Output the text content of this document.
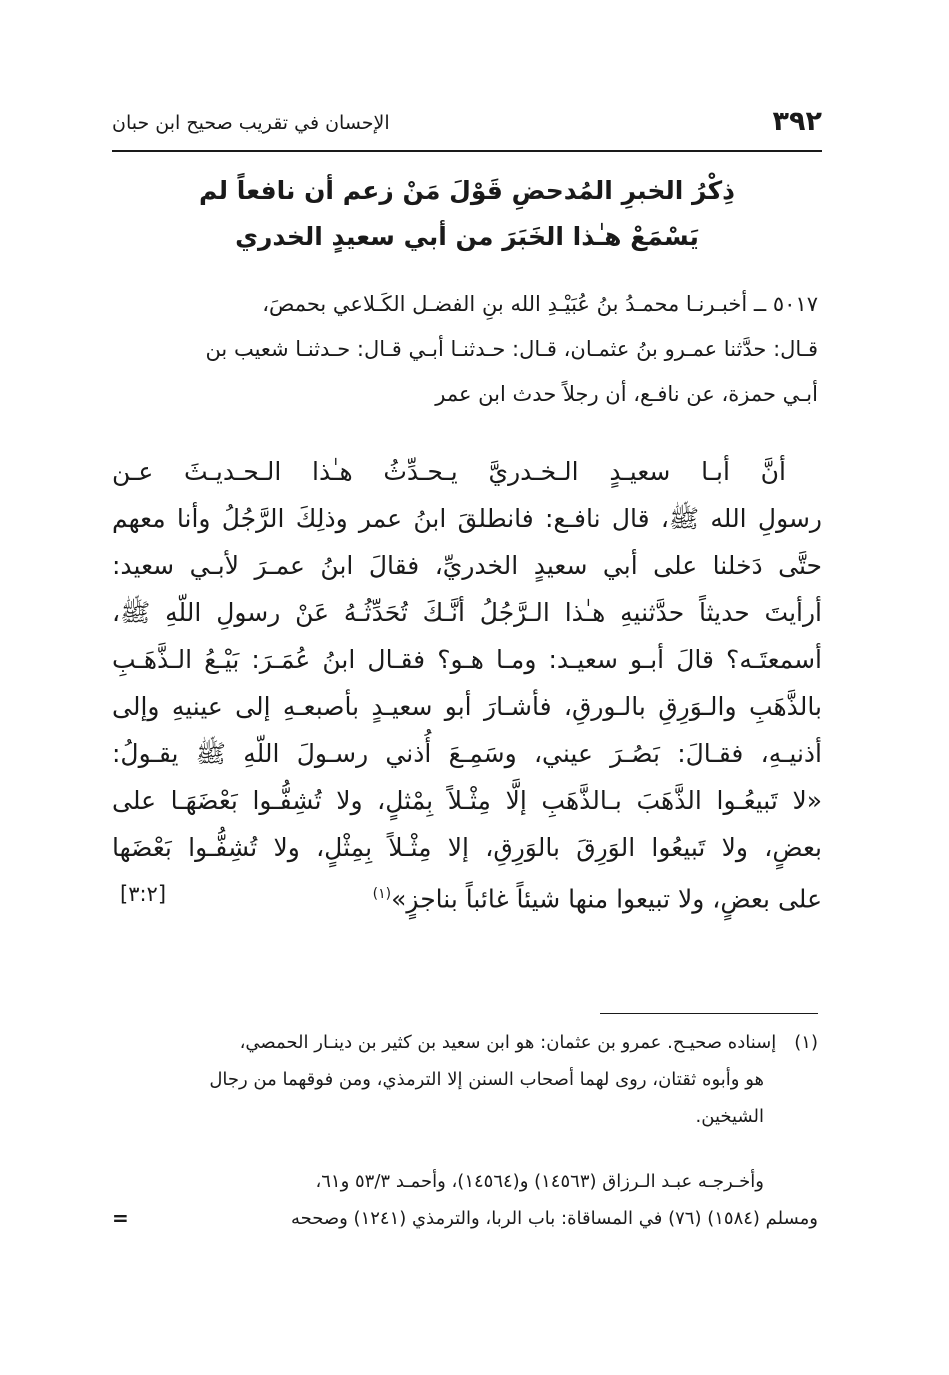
٣٩٢
الإحسان في تقريب صحيح ابن حبان
ذِكْرُ الخبرِ المُدحضِ قَوْلَ مَنْ زعم أن نافعاً لم
يَسْمَعْ هـٰذا الخَبَرَ من أبي سعيدٍ الخدري
٥٠١٧ ــ أخبـرنـا محمـدُ بنُ عُبَيْـدِ الله بنِ الفضـل الكَـلاعي بحمصَ،
قـال: حدَّثنا عمـرو بنُ عثمـان، قـال: حـدثنـا أبـي قـال: حـدثنـا شعيب بن
أبـي حمزة، عن نافـع، أن رجلاً حدث ابن عمر
أنَّ أبـا سعيـدٍ الـخـدريَّ يـحـدِّثُ هـٰذا الـحـديـثَ عـن
رسولِ الله ﷺ، قال نافـع: فانطلقَ ابنُ عمر وذلِكَ الرَّجُلُ وأنا معهم
حتَّى دَخلنا على أبي سعيدٍ الخدريِّ، فقالَ ابنُ عمـرَ لأبـي سعيد:
أرأيتَ حديثاً حدَّثنيهِ هـٰذا الـرَّجُلُ أنَّـكَ تُحَدِّثُـهُ عَنْ رسولِ اللّهِ ﷺ،
أسمعتَـه؟ قالَ أبـو سعيـد: ومـا هـو؟ فقـال ابنُ عُمَـرَ: بَيْـعُ الـذَّهَـبِ
بالذَّهَبِ والـوَرِقِ بالـورقِ، فأشـارَ أبو سعيـدٍ بأصبعـهِ إلى عينيهِ وإلى
أذنيـهِ، فقـالَ: بَصُـرَ عيني، وسَمِـعَ أُذني رسـولَ اللّهِ ﷺ يقـولُ:
«لا تَبيعُـوا الذَّهَبَ بـالذَّهَبِ إلَّا مِثْـلاً بِمْثلٍ، ولا تُشِفُّـوا بَعْضَهَـا على
بعضٍ، ولا تَبيعُوا الوَرِقَ بالوَرِقِ، إلا مِثْـلاً بِمِثْلٍ، ولا تُشِفُّـوا بَعْضَها
على بعضٍ، ولا تبيعوا منها شيئاً غائباً بناجزٍ»$^{(١)}$
[٣:٢]
(١)إسناده صحيـح. عمرو بن عثمان: هو ابن سعيد بن كثير بن دينـار الحمصي،
هو وأبوه ثقتان، روى لهما أصحاب السنن إلا الترمذي، ومن فوقهما من رجال
الشيخين.
وأخـرجـه عبـد الـرزاق (١٤٥٦٣) و(١٤٥٦٤)، وأحمـد ٥٣/٣ و٦١،
ومسلم (١٥٨٤) (٧٦) في المساقاة: باب الربا، والترمذي (١٢٤١) وصححه
=
